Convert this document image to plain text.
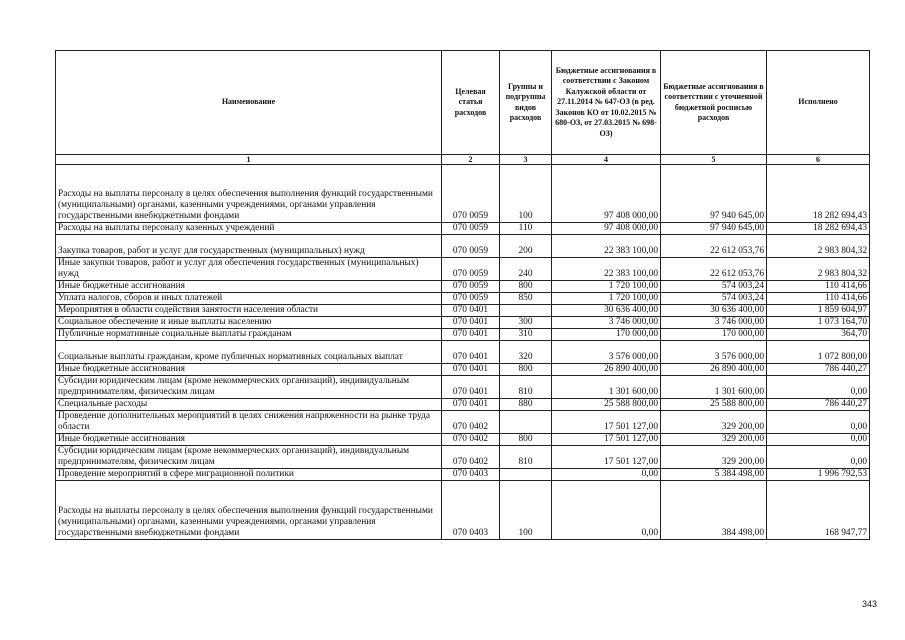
Наименование	Целевая статья расходов	Группы и подгруппы видов расходов	Бюджетные ассигнования в соответствии с Законом Калужской области от 27.11.2014 № 647-ОЗ (в ред. Законов КО от 10.02.2015 № 680-ОЗ, от 27.03.2015 № 698-ОЗ)	Бюджетные ассигнования в соответствии с уточненной бюджетной росписью расходов	Исполнено
1	2	3	4	5	6
Расходы на выплаты персоналу в целях обеспечения выполнения функций государственными (муниципальными) органами, казенными учреждениями, органами управления государственными внебюджетными фондами	070 0059	100	97 408 000,00	97 940 645,00	18 282 694,43
Расходы на выплаты персоналу казенных учреждений	070 0059	110	97 408 000,00	97 940 645,00	18 282 694,43
Закупка товаров, работ и услуг для государственных (муниципальных) нужд	070 0059	200	22 383 100,00	22 612 053,76	2 983 804,32
Иные закупки товаров, работ и услуг для обеспечения государственных (муниципальных) нужд	070 0059	240	22 383 100,00	22 612 053,76	2 983 804,32
Иные бюджетные ассигнования	070 0059	800	1 720 100,00	574 003,24	110 414,66
Уплата налогов, сборов и иных платежей	070 0059	850	1 720 100,00	574 003,24	110 414,66
Мероприятия в области содействия занятости населения области	070 0401		30 636 400,00	30 636 400,00	1 859 604,97
Социальное обеспечение и иные выплаты населению	070 0401	300	3 746 000,00	3 746 000,00	1 073 164,70
Публичные нормативные социальные выплаты гражданам	070 0401	310	170 000,00	170 000,00	364,70
Социальные выплаты гражданам, кроме публичных нормативных социальных выплат	070 0401	320	3 576 000,00	3 576 000,00	1 072 800,00
Иные бюджетные ассигнования	070 0401	800	26 890 400,00	26 890 400,00	786 440,27
Субсидии юридическим лицам (кроме некоммерческих организаций), индивидуальным предпринимателям, физическим лицам	070 0401	810	1 301 600,00	1 301 600,00	0,00
Специальные расходы	070 0401	880	25 588 800,00	25 588 800,00	786 440,27
Проведение дополнительных мероприятий в целях снижения напряженности на рынке труда области	070 0402		17 501 127,00	329 200,00	0,00
Иные бюджетные ассигнования	070 0402	800	17 501 127,00	329 200,00	0,00
Субсидии юридическим лицам (кроме некоммерческих организаций), индивидуальным предпринимателям, физическим лицам	070 0402	810	17 501 127,00	329 200,00	0,00
Проведение мероприятий в сфере миграционной политики	070 0403		0,00	5 384 498,00	1 996 792,53
Расходы на выплаты персоналу в целях обеспечения выполнения функций государственными (муниципальными) органами, казенными учреждениями, органами управления государственными внебюджетными фондами	070 0403	100	0,00	384 498,00	168 947,77
343
